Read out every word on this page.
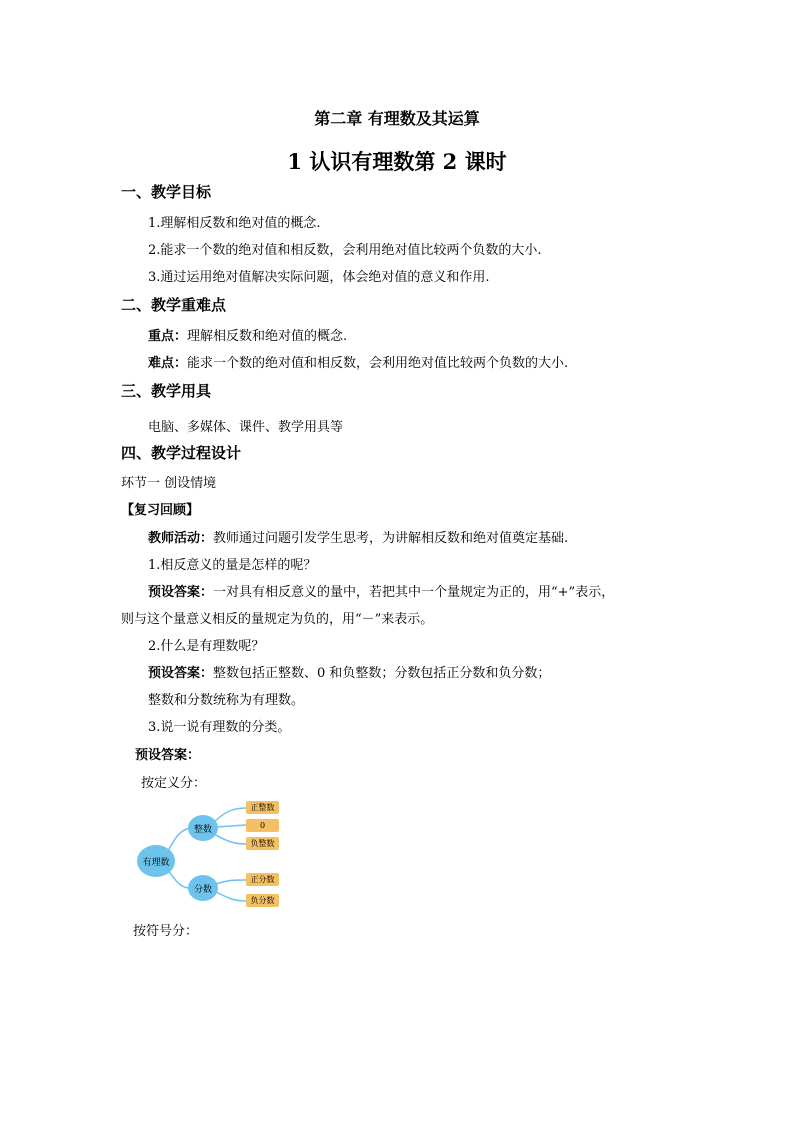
第二章 有理数及其运算
1 认识有理数第 2 课时
一、教学目标
1.理解相反数和绝对值的概念.
2.能求一个数的绝对值和相反数，会利用绝对值比较两个负数的大小.
3.通过运用绝对值解决实际问题，体会绝对值的意义和作用.
二、教学重难点
重点：理解相反数和绝对值的概念.
难点：能求一个数的绝对值和相反数，会利用绝对值比较两个负数的大小.
三、教学用具
电脑、多媒体、课件、教学用具等
四、教学过程设计
环节一 创设情境
【复习回顾】
教师活动：教师通过问题引发学生思考，为讲解相反数和绝对值奠定基础.
1.相反意义的量是怎样的呢？
预设答案：一对具有相反意义的量中，若把其中一个量规定为正的，用“+”表示，
则与这个量意义相反的量规定为负的，用“－”来表示。
2.什么是有理数呢？
预设答案：整数包括正整数、0 和负整数；分数包括正分数和负分数；
整数和分数统称为有理数。
3.说一说有理数的分类。
预设答案：
按定义分：
有理数
整数
分数
正整数
0
负整数
正分数
负分数
按符号分：
